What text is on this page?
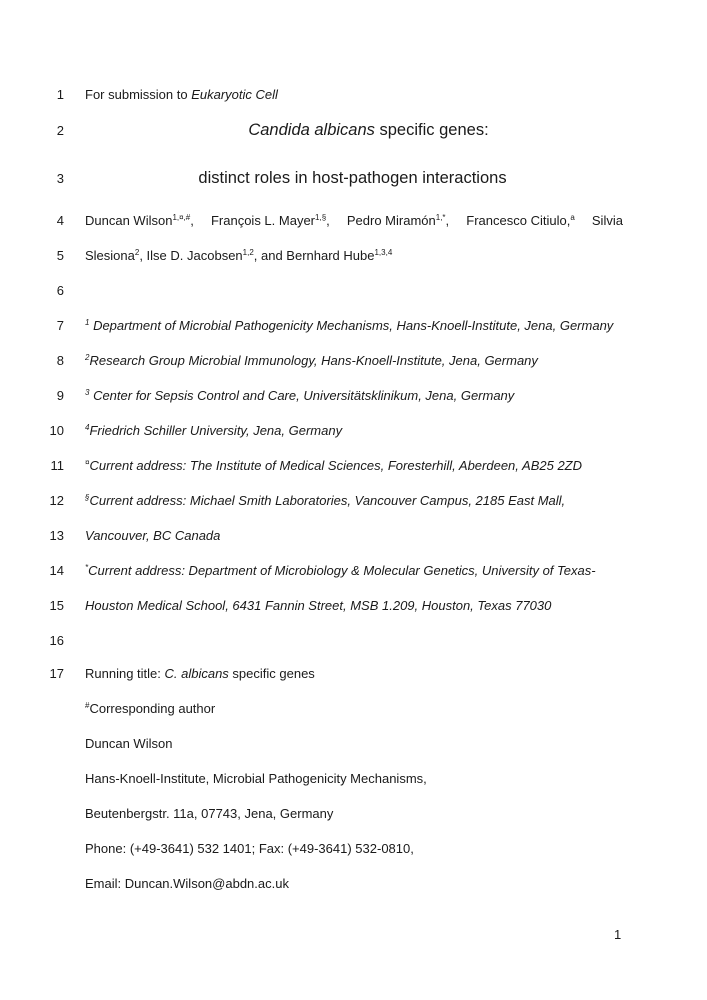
1 For submission to Eukaryotic Cell
2	Candida albicans specific genes:
3	distinct roles in host-pathogen interactions
4 Duncan Wilson$^{1,¤,\#}$, François L. Mayer$^{1,\S}$, Pedro Miramón$^{1,*}$, Francesco Citiulo,$^a$ Silvia
5 Slesiona$^2$, Ilse D. Jacobsen$^{1,2}$, and Bernhard Hube$^{1,3,4}$
6
7	$^1$ Department of Microbial Pathogenicity Mechanisms, Hans-Knoell-Institute, Jena, Germany
8	$^2$Research Group Microbial Immunology, Hans-Knoell-Institute, Jena, Germany
9	$^3$ Center for Sepsis Control and Care, Universitätsklinikum, Jena, Germany
10	$^4$Friedrich Schiller University, Jena, Germany
11	¤Current address: The Institute of Medical Sciences, Foresterhill, Aberdeen, AB25 2ZD
12	§Current address: Michael Smith Laboratories, Vancouver Campus, 2185 East Mall,
13 Vancouver, BC Canada
14	*Current address: Department of Microbiology & Molecular Genetics, University of Texas-
15 Houston Medical School, 6431 Fannin Street, MSB 1.209, Houston, Texas 77030
16
17 Running title: C. albicans specific genes
#Corresponding author
Duncan Wilson
Hans-Knoell-Institute, Microbial Pathogenicity Mechanisms,
Beutenbergstr. 11a, 07743, Jena, Germany
Phone: (+49-3641) 532 1401; Fax: (+49-3641) 532-0810,
Email: Duncan.Wilson@abdn.ac.uk
1
